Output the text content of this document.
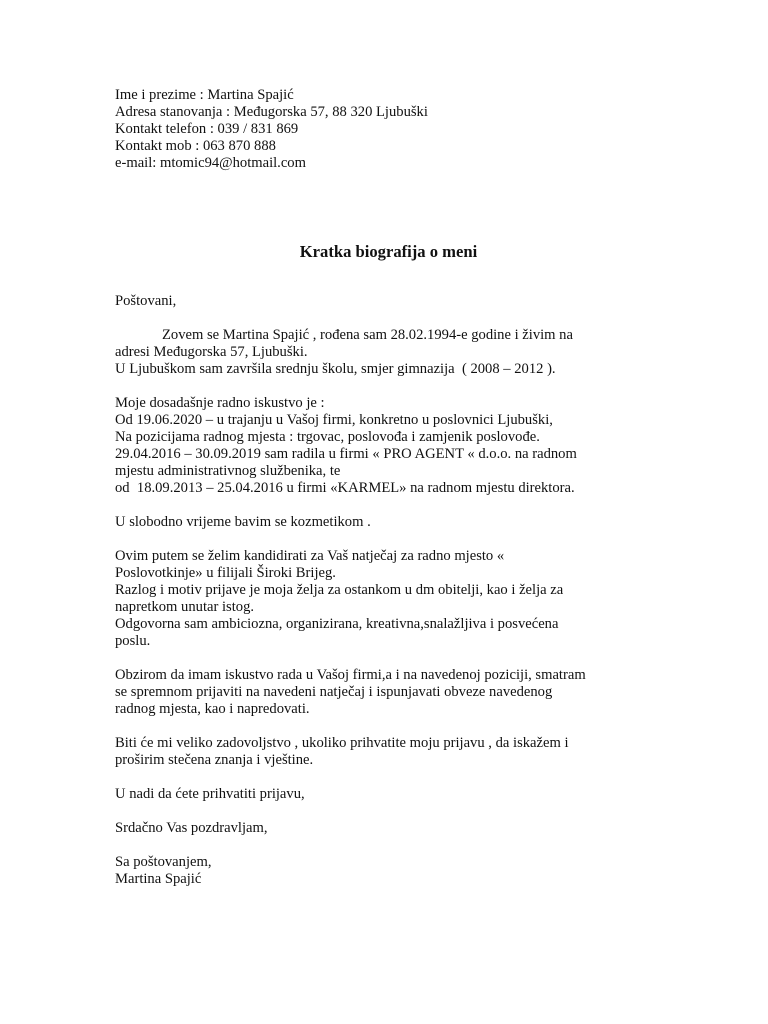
Ime i prezime : Martina Spajić
Adresa stanovanja : Međugorska 57, 88 320 Ljubuški
Kontakt telefon : 039 / 831 869
Kontakt mob : 063 870 888
e-mail: mtomic94@hotmail.com
Kratka biografija o meni
Poštovani,
Zovem se Martina Spajić , rođena sam 28.02.1994-e godine i živim na
adresi Međugorska 57, Ljubuški.
U Ljubuškom sam završila srednju školu, smjer gimnazija  ( 2008 – 2012 ).
Moje dosadašnje radno iskustvo je :
Od 19.06.2020 – u trajanju u Vašoj firmi, konkretno u poslovnici Ljubuški,
Na pozicijama radnog mjesta : trgovac, poslovođa i zamjenik poslovođe.
29.04.2016 – 30.09.2019 sam radila u firmi « PRO AGENT « d.o.o. na radnom
mjestu administrativnog službenika, te
od  18.09.2013 – 25.04.2016 u firmi «KARMEL» na radnom mjestu direktora.
U slobodno vrijeme bavim se kozmetikom .
Ovim putem se želim kandidirati za Vaš natječaj za radno mjesto «
Poslovotkinje» u filijali Široki Brijeg.
Razlog i motiv prijave je moja želja za ostankom u dm obitelji, kao i želja za
napretkom unutar istog.
Odgovorna sam ambiciozna, organizirana, kreativna,snalažljiva i posvećena
poslu.
Obzirom da imam iskustvo rada u Vašoj firmi,a i na navedenoj poziciji, smatram
se spremnom prijaviti na navedeni natječaj i ispunjavati obveze navedenog
radnog mjesta, kao i napredovati.
Biti će mi veliko zadovoljstvo , ukoliko prihvatite moju prijavu , da iskažem i
proširim stečena znanja i vještine.
U nadi da ćete prihvatiti prijavu,
Srdačno Vas pozdravljam,
Sa poštovanjem,
Martina Spajić
